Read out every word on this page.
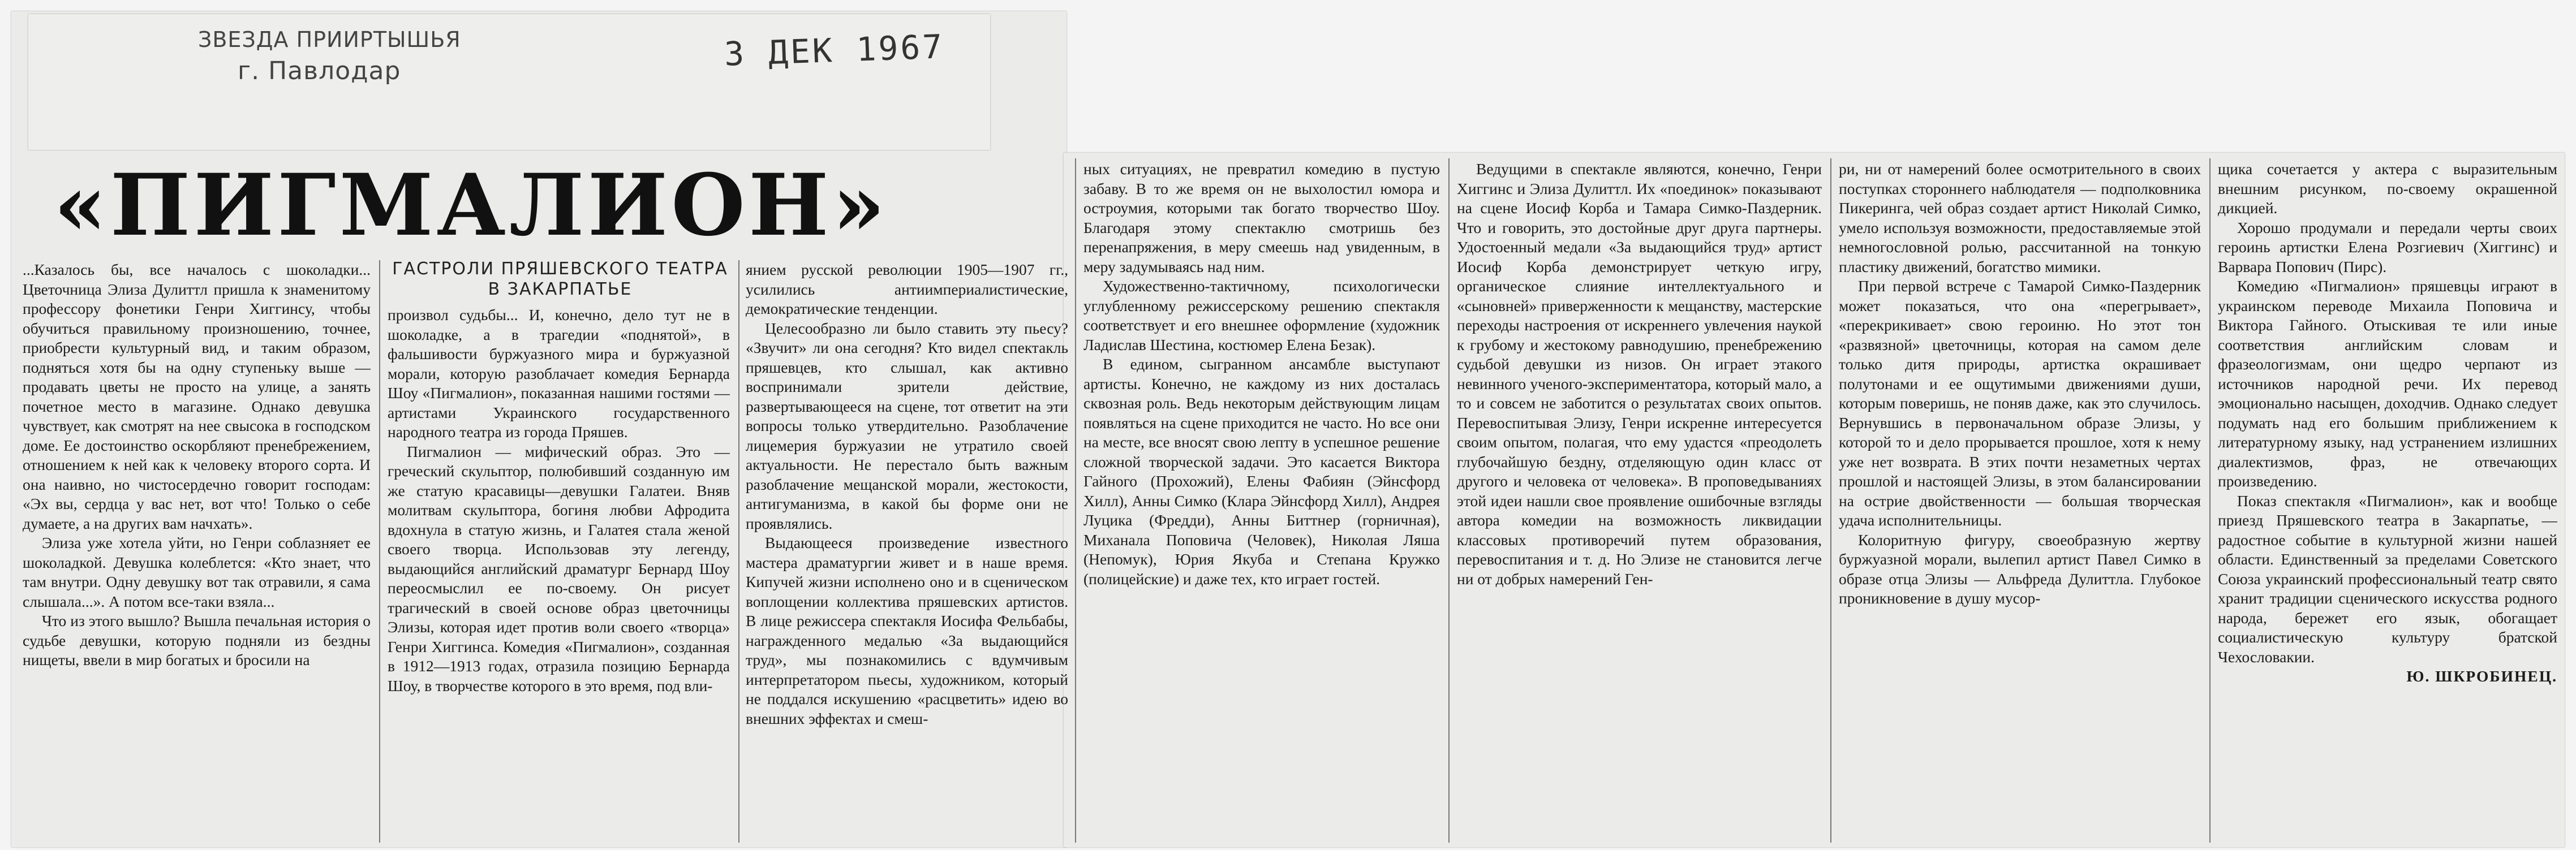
ЗВЕЗДА ПРИИРТЫШЬЯ
г. Павлодар	3 ДЕК 1967
«ПИГМАЛИОН»
ГАСТРОЛИ ПРЯШЕВСКОГО ТЕАТРА В ЗАКАРПАТЬЕ

...Казалось бы, все началось с шоколадки... Цветочница Элиза Дулиттл пришла к знаменитому профессору фонетики Генри Хиггинсу, чтобы обучиться правильному произношению, точнее, приобрести культурный вид, и таким образом, подняться хотя бы на одну ступеньку выше — продавать цветы не просто на улице, а занять почетное место в магазине. Однако девушка чувствует, как смотрят на нее свысока в господском доме. Ее достоинство оскорбляют пренебрежением, отношением к ней как к человеку второго сорта. И она наивно, но чистосердечно говорит господам: «Эх вы, сердца у вас нет, вот что! Только о себе думаете, а на других вам начхать».

Элиза уже хотела уйти, но Генри соблазняет ее шоколадкой. Девушка колеблется: «Кто знает, что там внутри. Одну девушку вот так отравили, я сама слышала...». А потом все-таки взяла...

Что из этого вышло? Вышла печальная история о судьбе девушки, которую подняли из бездны нищеты, ввели в мир богатых и бросили на

произвол судьбы... И, конечно, дело тут не в шоколадке, а в трагедии «поднятой», в фальшивости буржуазного мира и буржуазной морали, которую разоблачает комедия Бернарда Шоу «Пигмалион», показанная нашими гостями — артистами Украинского государственного народного театра из города Пряшев.

Пигмалион — мифический образ. Это — греческий скульптор, полюбивший созданную им же статую красавицы—девушки Галатеи. Вняв молитвам скульптора, богиня любви Афродита вдохнула в статую жизнь, и Галатея стала женой своего творца. Использовав эту легенду, выдающийся английский драматург Бернард Шоу переосмыслил ее по-своему. Он рисует трагический в своей основе образ цветочницы Элизы, которая идет против воли своего «творца» Генри Хиггинса. Комедия «Пигмалион», созданная в 1912—1913 годах, отразила позицию Бернарда Шоу, в творчестве которого в это время, под вли-

янием русской революции 1905—1907 гг., усилились антиимпериалистические, демократические тенденции.

Целесообразно ли было ставить эту пьесу? «Звучит» ли она сегодня? Кто видел спектакль пряшевцев, кто слышал, как активно воспринимали зрители действие, развертывающееся на сцене, тот ответит на эти вопросы только утвердительно. Разоблачение лицемерия буржуазии не утратило своей актуальности. Не перестало быть важным разоблачение мещанской морали, жестокости, антигуманизма, в какой бы форме они не проявлялись.

Выдающееся произведение известного мастера драматургии живет и в наше время. Кипучей жизни исполнено оно и в сценическом воплощении коллектива пряшевских артистов. В лице режиссера спектакля Иосифа Фельбабы, награжденного медалью «За выдающийся труд», мы познакомились с вдумчивым интерпретатором пьесы, художником, который не поддался искушению «расцветить» идею во внешних эффектах и смеш-

ных ситуациях, не превратил комедию в пустую забаву. В то же время он не выхолостил юмора и остроумия, которыми так богато творчество Шоу. Благодаря этому спектаклю смотришь без перенапряжения, в меру смеешь над увиденным, в меру задумываясь над ним.

Художественно-тактичному, психологически углубленному режиссерскому решению спектакля соответствует и его внешнее оформление (художник Ладислав Шестина, костюмер Елена Безак).

В едином, сыгранном ансамбле выступают артисты. Конечно, не каждому из них досталась сквозная роль. Ведь некоторым действующим лицам появляться на сцене приходится не часто. Но все они на месте, все вносят свою лепту в успешное решение сложной творческой задачи. Это касается Виктора Гайного (Прохожий), Елены Фабиян (Эйнсфорд Хилл), Анны Симко (Клара Эйнсфорд Хилл), Андрея Луцика (Фредди), Анны Биттнер (горничная), Миханала Поповича (Человек), Николая Ляша (Непомук), Юрия Якуба и Степана Кружко (полицейские) и даже тех, кто играет гостей.

Ведущими в спектакле являются, конечно, Генри Хиггинс и Элиза Дулиттл. Их «поединок» показывают на сцене Иосиф Корба и Тамара Симко-Паздерник. Что и говорить, это достойные друг друга партнеры. Удостоенный медали «За выдающийся труд» артист Иосиф Корба демонстрирует четкую игру, органическое слияние интеллектуального и «сыновней» приверженности к мещанству, мастерские переходы настроения от искреннего увлечения наукой к грубому и жестокому равнодушию, пренебрежению судьбой девушки из низов. Он играет этакого невинного ученого-экспериментатора, который мало, а то и совсем не заботится о результатах своих опытов. Перевоспитывая Элизу, Генри искренне интересуется своим опытом, полагая, что ему удастся «преодолеть глубочайшую бездну, отделяющую один класс от другого и человека от человека». В проповедываниях этой идеи нашли свое проявление ошибочные взгляды автора комедии на возможность ликвидации классовых противоречий путем образования, перевоспитания и т. д. Но Элизе не становится легче ни от добрых намерений Ген-

ри, ни от намерений более осмотрительного в своих поступках стороннего наблюдателя — подполковника Пикеринга, чей образ создает артист Николай Симко, умело используя возможности, предоставляемые этой немногословной ролью, рассчитанной на тонкую пластику движений, богатство мимики.

При первой встрече с Тамарой Симко-Паздерник может показаться, что она «перегрывает», «перекрикивает» свою героиню. Но этот тон «развязной» цветочницы, которая на самом деле только дитя природы, артистка окрашивает полутонами и ее ощутимыми движениями души, которым поверишь, не поняв даже, как это случилось. Вернувшись в первоначальном образе Элизы, у которой то и дело прорывается прошлое, хотя к нему уже нет возврата. В этих почти незаметных чертах прошлой и настоящей Элизы, в этом балансировании на острие двойственности — большая творческая удача исполнительницы.

Колоритную фигуру, своеобразную жертву буржуазной морали, вылепил артист Павел Симко в образе отца Элизы — Альфреда Дулиттла. Глубокое проникновение в душу мусор-

щика сочетается у актера с выразительным внешним рисунком, по-своему окрашенной дикцией.

Хорошо продумали и передали черты своих героинь артистки Елена Розгиевич (Хиггинс) и Варвара Попович (Пирс).

Комедию «Пигмалион» пряшевцы играют в украинском переводе Михаила Поповича и Виктора Гайного. Отыскивая те или иные соответствия английским словам и фразеологизмам, они щедро черпают из источников народной речи. Их перевод эмоционально насыщен, доходчив. Однако следует подумать над его большим приближением к литературному языку, над устранением излишних диалектизмов, фраз, не отвечающих произведению.

Показ спектакля «Пигмалион», как и вообще приезд Пряшевского театра в Закарпатье, — радостное событие в культурной жизни нашей области. Единственный за пределами Советского Союза украинский профессиональный театр свято хранит традиции сценического искусства родного народа, бережет его язык, обогащает социалистическую культуру братской Чехословакии.

Ю. ШКРОБИНЕЦ.
